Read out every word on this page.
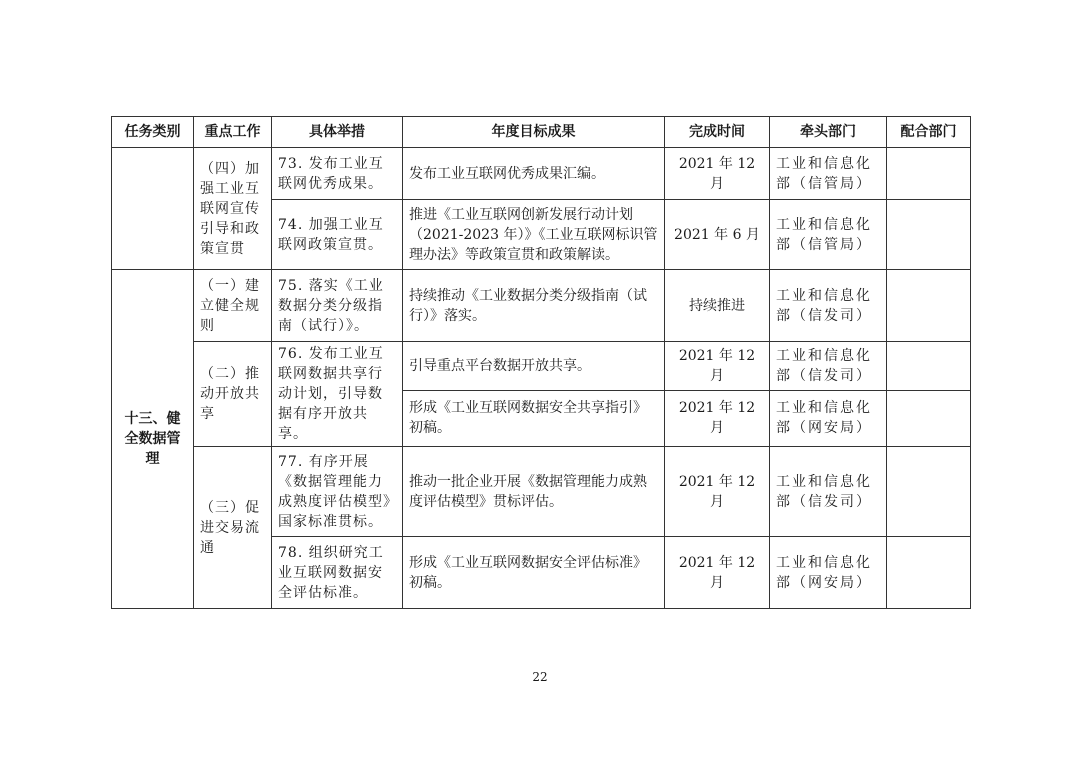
任务类别	重点工作	具体举措	年度目标成果	完成时间	牵头部门	配合部门
	（四）加强工业互联网宣传引导和政策宣贯	73. 发布工业互联网优秀成果。	发布工业互联网优秀成果汇编。	2021 年 12 月	工业和信息化部（信管局）	
		74. 加强工业互联网政策宣贯。	推进《工业互联网创新发展行动计划（2021-2023 年）》《工业互联网标识管理办法》等政策宣贯和政策解读。	2021 年 6 月	工业和信息化部（信管局）	
十三、健全数据管理	（一）建立健全规则	75. 落实《工业数据分类分级指南（试行）》。	持续推动《工业数据分类分级指南（试行）》落实。	持续推进	工业和信息化部（信发司）	
	（二）推动开放共享	76. 发布工业互联网数据共享行动计划，引导数据有序开放共享。	引导重点平台数据开放共享。	2021 年 12 月	工业和信息化部（信发司）	
			形成《工业互联网数据安全共享指引》初稿。	2021 年 12 月	工业和信息化部（网安局）	
	（三）促进交易流通	77. 有序开展《数据管理能力成熟度评估模型》国家标准贯标。	推动一批企业开展《数据管理能力成熟度评估模型》贯标评估。	2021 年 12 月	工业和信息化部（信发司）	
		78. 组织研究工业互联网数据安全评估标准。	形成《工业互联网数据安全评估标准》初稿。	2021 年 12 月	工业和信息化部（网安局）	
22
